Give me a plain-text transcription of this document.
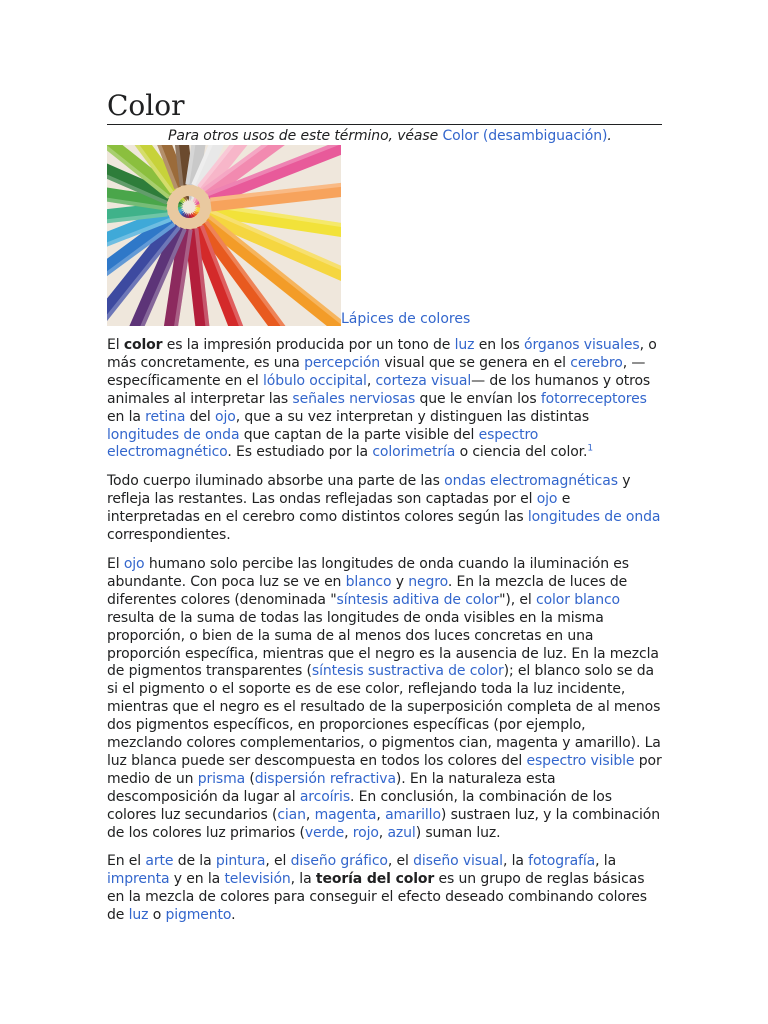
Color
Para otros usos de este término, véase Color (desambiguación).
Lápices de colores

El color es la impresión producida por un tono de luz en los órganos visuales, o más concretamente, es una percepción visual que se genera en el cerebro, —específicamente en el lóbulo occipital, corteza visual— de los humanos y otros animales al interpretar las señales nerviosas que le envían los fotorreceptores en la retina del ojo, que a su vez interpretan y distinguen las distintas longitudes de onda que captan de la parte visible del espectro electromagnético. Es estudiado por la colorimetría o ciencia del color.$^1$

Todo cuerpo iluminado absorbe una parte de las ondas electromagnéticas y refleja las restantes. Las ondas reflejadas son captadas por el ojo e interpretadas en el cerebro como distintos colores según las longitudes de onda correspondientes.

El ojo humano solo percibe las longitudes de onda cuando la iluminación es abundante. Con poca luz se ve en blanco y negro. En la mezcla de luces de diferentes colores (denominada "síntesis aditiva de color"), el color blanco resulta de la suma de todas las longitudes de onda visibles en la misma proporción, o bien de la suma de al menos dos luces concretas en una proporción específica, mientras que el negro es la ausencia de luz. En la mezcla de pigmentos transparentes (síntesis sustractiva de color); el blanco solo se da si el pigmento o el soporte es de ese color, reflejando toda la luz incidente, mientras que el negro es el resultado de la superposición completa de al menos dos pigmentos específicos, en proporciones específicas (por ejemplo, mezclando colores complementarios, o pigmentos cian, magenta y amarillo). La luz blanca puede ser descompuesta en todos los colores del espectro visible por medio de un prisma (dispersión refractiva). En la naturaleza esta descomposición da lugar al arcoíris. En conclusión, la combinación de los colores luz secundarios (cian, magenta, amarillo) sustraen luz, y la combinación de los colores luz primarios (verde, rojo, azul) suman luz.

En el arte de la pintura, el diseño gráfico, el diseño visual, la fotografía, la imprenta y en la televisión, la teoría del color es un grupo de reglas básicas en la mezcla de colores para conseguir el efecto deseado combinando colores de luz o pigmento.
